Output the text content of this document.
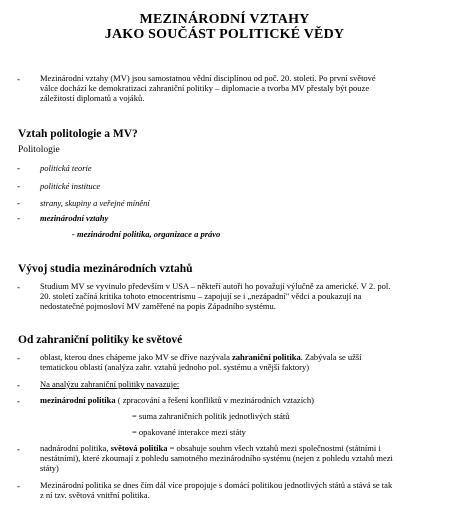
MEZINÁRODNÍ VZTAHY
JAKO SOUČÁST POLITICKÉ VĚDY
- Mezinárodní vztahy (MV) jsou samostatnou vědní disciplínou od poč. 20. století. Po první světové
válce dochází ke demokratizaci zahraniční politiky – diplomacie a tvorba MV přestaly být pouze
záležitostí diplomatů a vojáků.
Vztah politologie a MV?
Politologie
- politická teorie
- politické instituce
- strany, skupiny a veřejné mínění
- mezinárodní vztahy
- mezinárodní politika, organizace a právo
Vývoj studia mezinárodních vztahů
- Studium MV se vyvinulo především v USA – někteří autoři ho považují výlučně za americké. V 2. pol.
20. století začíná kritika tohoto etnocentrismu – zapojují se i „nezápadní" vědci a poukazují na
nedostatečné pojmosloví MV zaměřené na popis Západního systému.
Od zahraniční politiky ke světové
- oblast, kterou dnes chápeme jako MV se dříve nazývala zahraniční politika. Zabývala se užší
tematickou oblastí (analýza zahr. vztahů jednoho pol. systému a vnější faktory)
- Na analýzu zahraniční politiky navazuje:
- mezinárodní politika ( zpracování a řešení konfliktů v mezinárodních vztazích)
= suma zahraničních politik jednotlivých států
= opakované interakce mezi státy
- nadnárodní politika, světová politika = obsahuje souhrn všech vztahů mezi společnostmi (státními i
nestátními), které zkoumají z pohledu samotného mezinárodního systému (nejen z pohledu vztahů mezi
státy)
- Mezinárodní politika se dnes čím dál více propojuje s domácí politikou jednotlivých států a stává se tak
z ní tzv. světová vnitřní politika.
